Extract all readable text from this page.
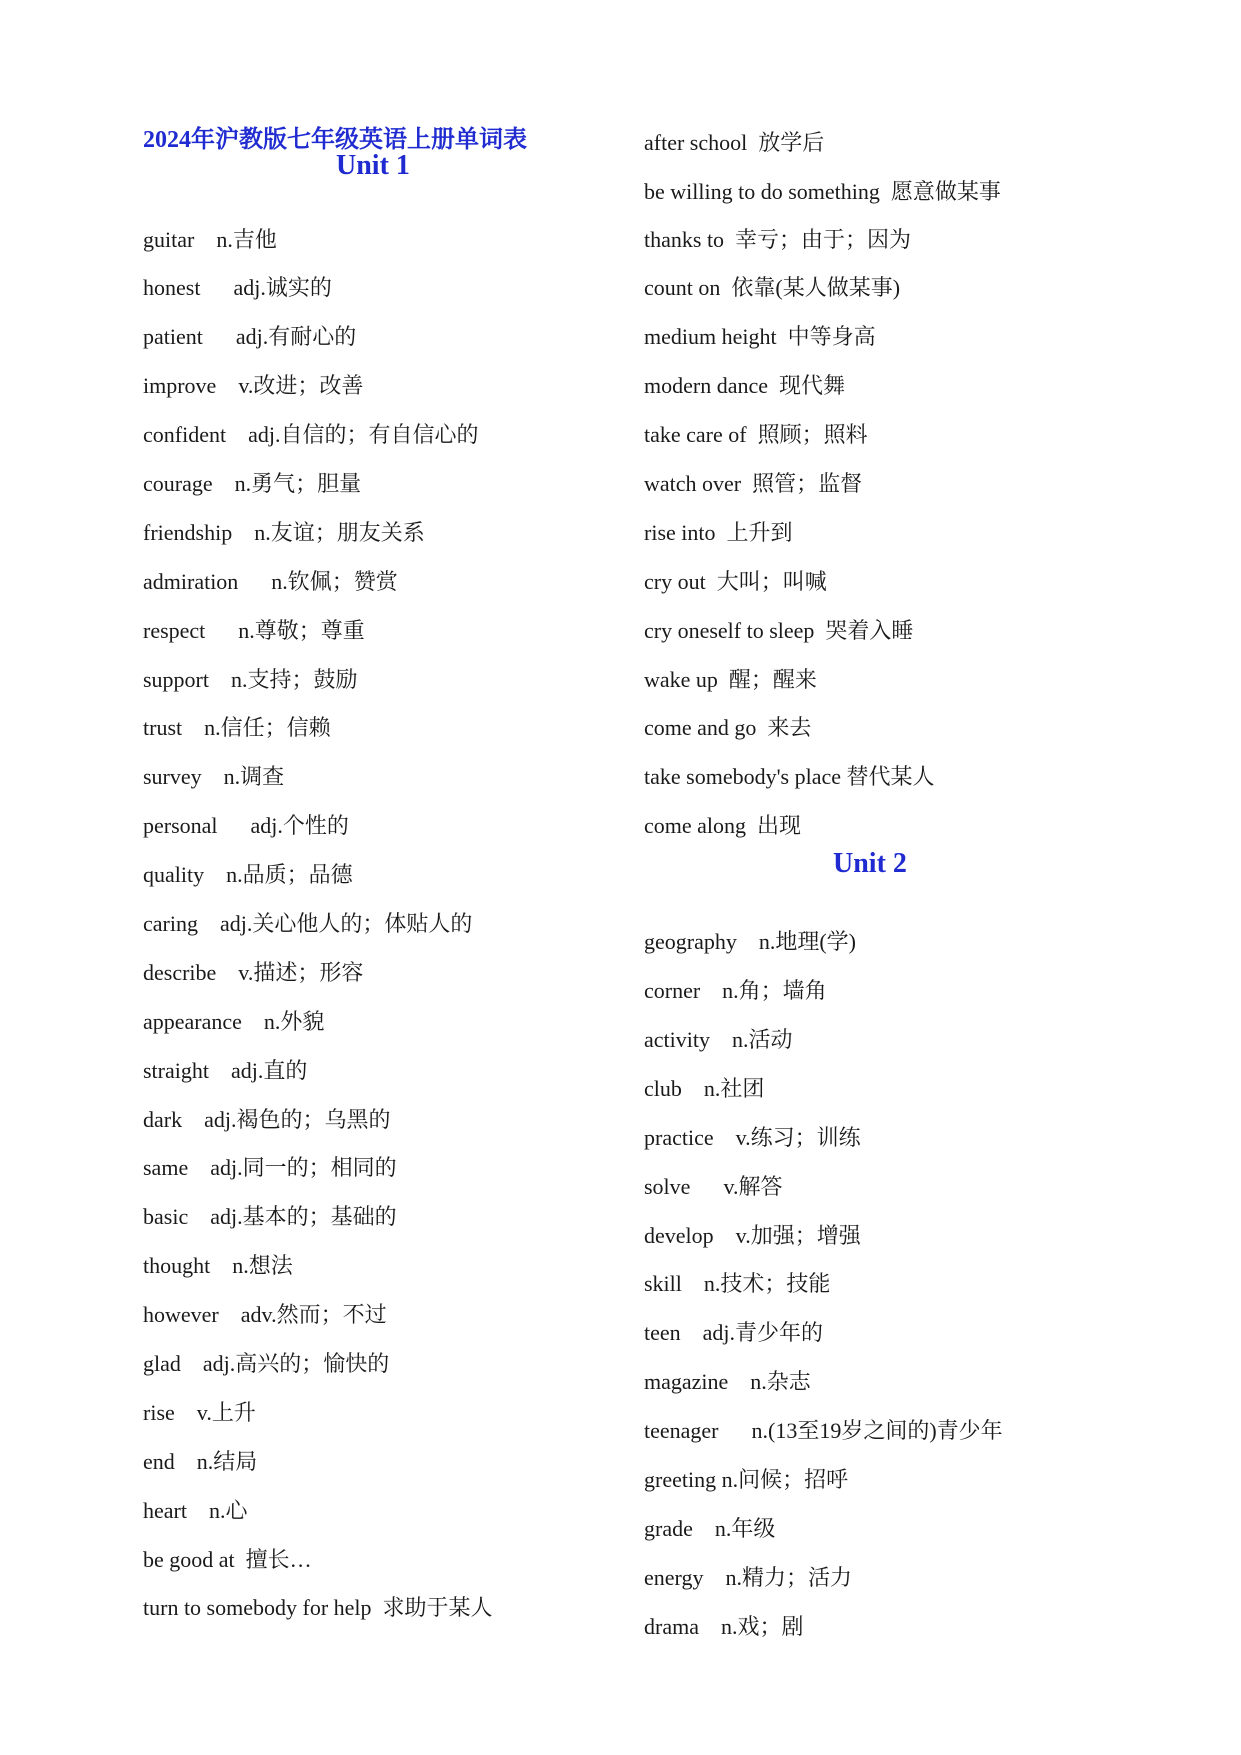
2024年沪教版七年级英语上册单词表
Unit 1
guitar    n.吉他
honest      adj.诚实的
patient      adj.有耐心的
improve    v.改进；改善
confident    adj.自信的；有自信心的
courage    n.勇气；胆量
friendship    n.友谊；朋友关系
admiration      n.钦佩；赞赏
respect      n.尊敬；尊重
support    n.支持；鼓励
trust    n.信任；信赖
survey    n.调查
personal      adj.个性的
quality    n.品质；品德
caring    adj.关心他人的；体贴人的
describe    v.描述；形容
appearance    n.外貌
straight    adj.直的
dark    adj.褐色的；乌黑的
same    adj.同一的；相同的
basic    adj.基本的；基础的
thought    n.想法
however    adv.然而；不过
glad    adj.高兴的；愉快的
rise    v.上升
end    n.结局
heart    n.心
be good at  擅长…
turn to somebody for help  求助于某人
after school  放学后
be willing to do something  愿意做某事
thanks to  幸亏；由于；因为
count on  依靠(某人做某事)
medium height  中等身高
modern dance  现代舞
take care of  照顾；照料
watch over  照管；监督
rise into  上升到
cry out  大叫；叫喊
cry oneself to sleep  哭着入睡
wake up  醒；醒来
come and go  来去
take somebody's place 替代某人
come along  出现
Unit 2
geography    n.地理(学)
corner    n.角；墙角
activity    n.活动
club    n.社团
practice    v.练习；训练
solve      v.解答
develop    v.加强；增强
skill    n.技术；技能
teen    adj.青少年的
magazine    n.杂志
teenager      n.(13至19岁之间的)青少年
greeting n.问候；招呼
grade    n.年级
energy    n.精力；活力
drama    n.戏；剧
